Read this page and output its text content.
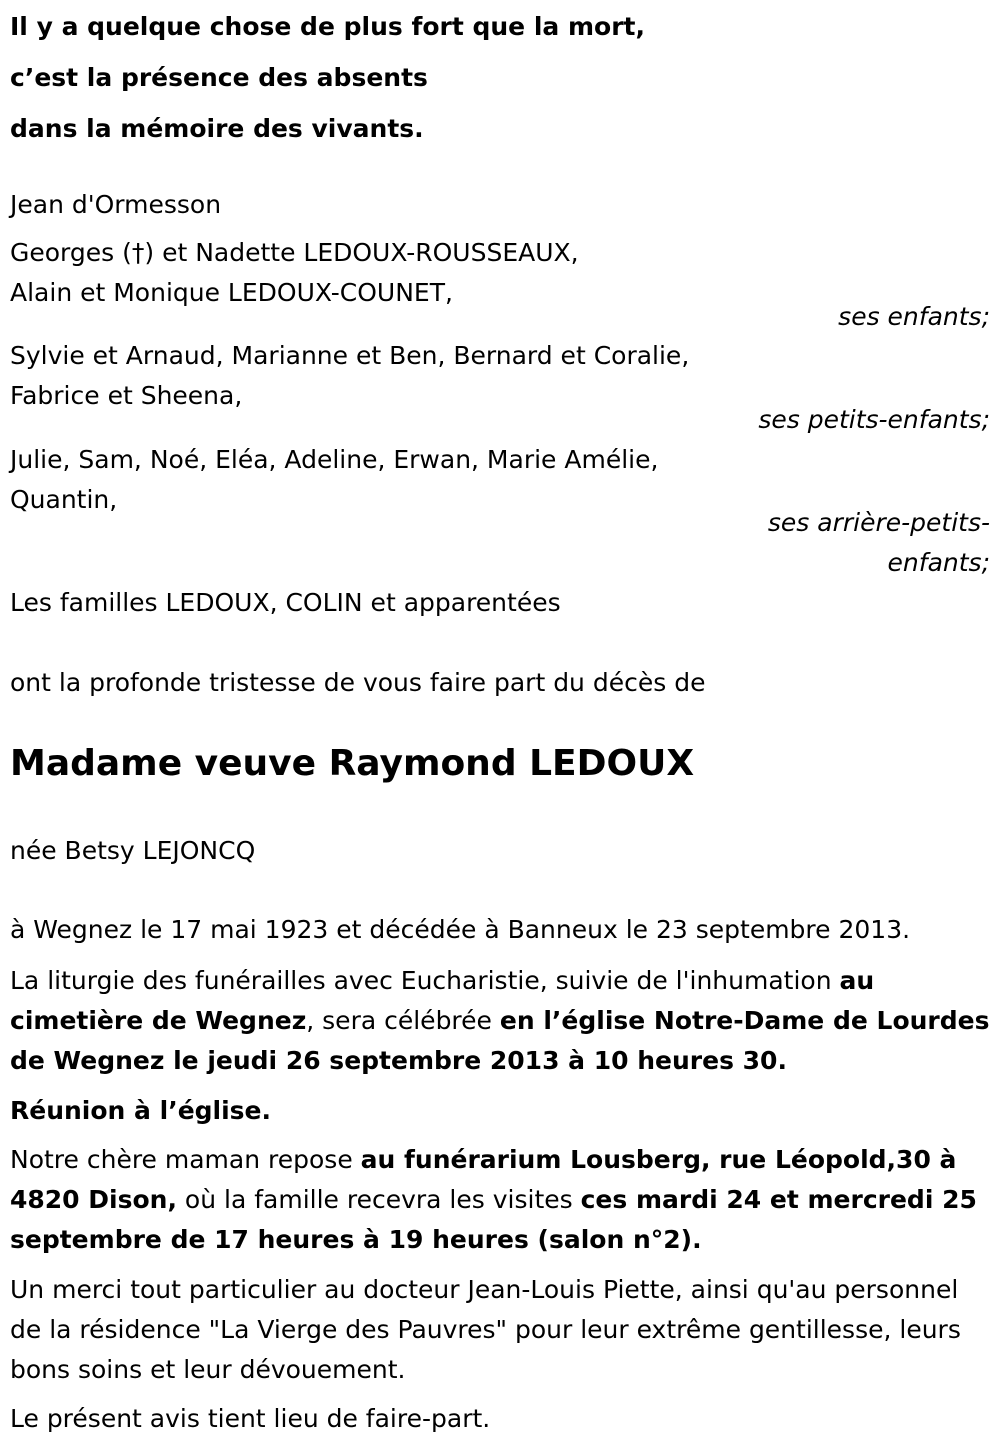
Il y a quelque chose de plus fort que la mort,
c’est la présence des absents
dans la mémoire des vivants.
Jean d'Ormesson
Georges (†) et Nadette LEDOUX-ROUSSEAUX,
Alain et Monique LEDOUX-COUNET,
ses enfants;
Sylvie et Arnaud, Marianne et Ben, Bernard et Coralie,
Fabrice et Sheena,
ses petits-enfants;
Julie, Sam, Noé, Eléa, Adeline, Erwan, Marie Amélie,
Quantin,
ses arrière-petits-
enfants;
Les familles LEDOUX, COLIN et apparentées
ont la profonde tristesse de vous faire part du décès de
Madame veuve Raymond LEDOUX
née Betsy LEJONCQ
à Wegnez le 17 mai 1923 et décédée à Banneux le 23 septembre 2013.
La liturgie des funérailles avec Eucharistie, suivie de l'inhumation au cimetière de Wegnez, sera célébrée en l’église Notre-Dame de Lourdes de Wegnez le jeudi 26 septembre 2013 à 10 heures 30.
Réunion à l’église.
Notre chère maman repose au funérarium Lousberg, rue Léopold,30 à 4820 Dison, où la famille recevra les visites ces mardi 24 et mercredi 25 septembre de 17 heures à 19 heures (salon n°2).
Un merci tout particulier au docteur Jean-Louis Piette, ainsi qu'au personnel de la résidence "La Vierge des Pauvres" pour leur extrême gentillesse, leurs bons soins et leur dévouement.
Le présent avis tient lieu de faire-part.
